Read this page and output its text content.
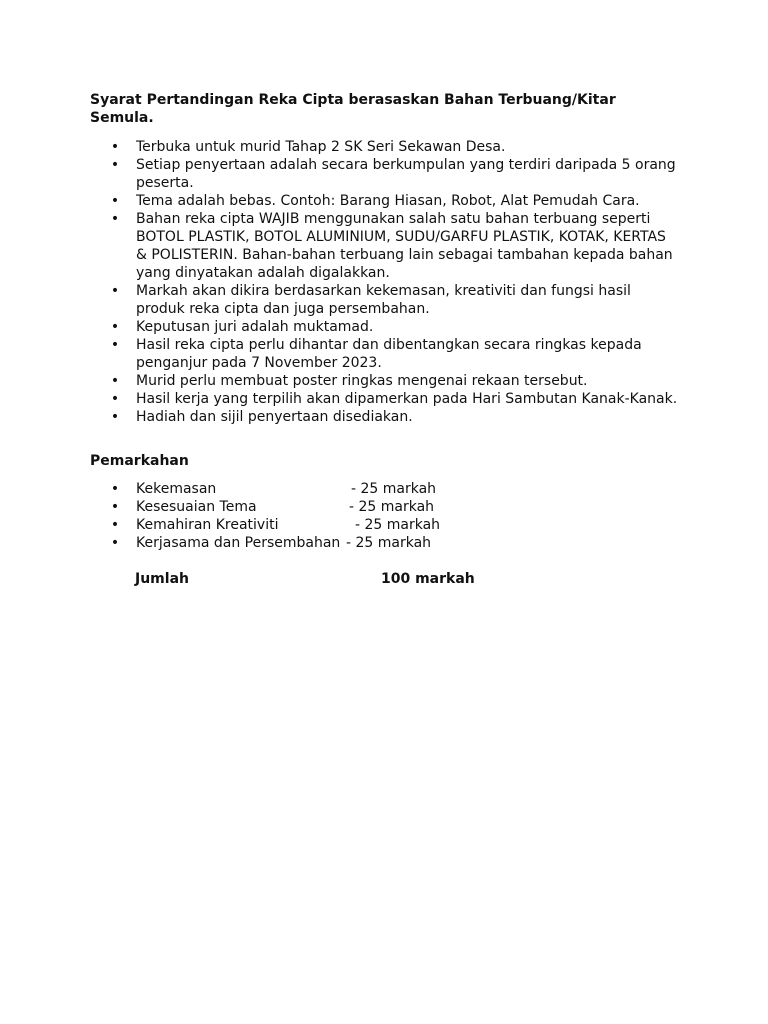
Syarat Pertandingan Reka Cipta berasaskan Bahan Terbuang/Kitar Semula.
• Terbuka untuk murid Tahap 2 SK Seri Sekawan Desa.
• Setiap penyertaan adalah secara berkumpulan yang terdiri daripada 5 orang peserta.
• Tema adalah bebas. Contoh: Barang Hiasan, Robot, Alat Pemudah Cara.
• Bahan reka cipta WAJIB menggunakan salah satu bahan terbuang seperti BOTOL PLASTIK, BOTOL ALUMINIUM, SUDU/GARFU PLASTIK, KOTAK, KERTAS & POLISTERIN. Bahan-bahan terbuang lain sebagai tambahan kepada bahan yang dinyatakan adalah digalakkan.
• Markah akan dikira berdasarkan kekemasan, kreativiti dan fungsi hasil produk reka cipta dan juga persembahan.
• Keputusan juri adalah muktamad.
• Hasil reka cipta perlu dihantar dan dibentangkan secara ringkas kepada penganjur pada 7 November 2023.
• Murid perlu membuat poster ringkas mengenai rekaan tersebut.
• Hasil kerja yang terpilih akan dipamerkan pada Hari Sambutan Kanak-Kanak.
• Hadiah dan sijil penyertaan disediakan.
Pemarkahan
• Kekemasan	- 25 markah
• Kesesuaian Tema	- 25 markah
• Kemahiran Kreativiti	- 25 markah
• Kerjasama dan Persembahan - 25 markah
Jumlah	100 markah
